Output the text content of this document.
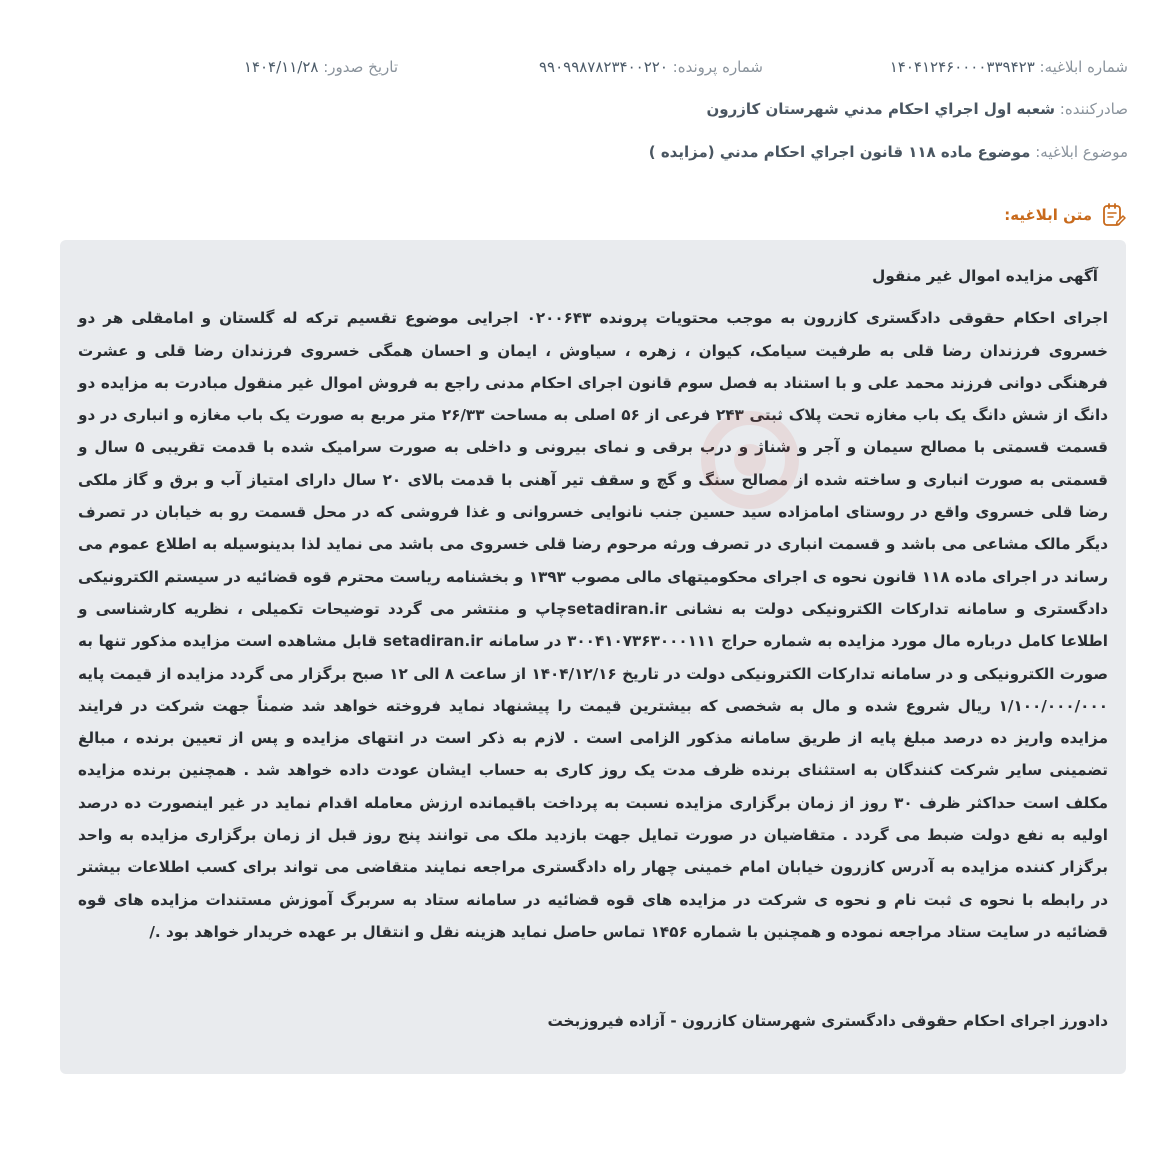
شماره ابلاغیه: ۱۴۰۴۱۲۴۶۰۰۰۰۳۳۹۴۲۳
شماره پرونده: ۹۹۰۹۹۸۷۸۲۳۴۰۰۲۲۰
تاریخ صدور: ۱۴۰۴/۱۱/۲۸
صادرکننده: شعبه اول اجراي احکام مدني شهرستان کازرون
موضوع ابلاغیه: موضوع ماده ۱۱۸ قانون اجراي احکام مدني (مزايده )
متن ابلاغیه:
آگهی مزایده اموال غیر منقول

اجرای احکام حقوقی دادگستری کازرون به موجب محتویات پرونده ۰۲۰۰۶۴۳ اجرایی موضوع تقسیم ترکه له گلستان و امامقلی هر دو خسروی فرزندان رضا قلی به طرفیت سیامک، کیوان ، زهره ، سیاوش ، ایمان و احسان همگی خسروی فرزندان رضا قلی و عشرت فرهنگی دوانی فرزند محمد علی و با استناد به فصل سوم قانون اجرای احکام مدنی راجع به فروش اموال غیر منقول مبادرت به مزایده دو دانگ از شش دانگ یک باب مغازه تحت پلاک ثبتی ۲۴۳ فرعی از ۵۶ اصلی به مساحت ۲۶/۳۳ متر مربع به صورت یک باب مغازه و انباری در دو قسمت قسمتی با مصالح سیمان و آجر و شناژ و درب برقی و نمای بیرونی و داخلی به صورت سرامیک شده با قدمت تقریبی ۵ سال و قسمتی به صورت انباری و ساخته شده از مصالح سنگ و گچ و سقف تیر آهنی با قدمت بالای ۲۰ سال دارای امتیاز آب و برق و گاز ملکی رضا قلی خسروی واقع در روستای امامزاده سید حسین جنب نانوایی خسروانی و غذا فروشی که در محل قسمت رو به خیابان در تصرف دیگر مالک مشاعی می باشد و قسمت انباری در تصرف ورثه مرحوم رضا قلی خسروی می باشد می نماید لذا بدینوسیله به اطلاع عموم می رساند در اجرای ماده ۱۱۸ قانون نحوه ی اجرای محکومیتهای مالی مصوب ۱۳۹۳ و بخشنامه ریاست محترم قوه قضائیه در سیستم الکترونیکی دادگستری و سامانه تدارکات الکترونیکی دولت به نشانی setadiran.irچاپ و منتشر می گردد توضیحات تکمیلی ، نظریه کارشناسی و اطلاعا کامل درباره مال مورد مزایده به شماره حراج ۳۰۰۴۱۰۷۳۶۳۰۰۰۱۱۱ در سامانه setadiran.ir قابل مشاهده است مزایده مذکور تنها به صورت الکترونیکی و در سامانه تدارکات الکترونیکی دولت در تاریخ ۱۴۰۴/۱۲/۱۶ از ساعت ۸ الی ۱۲ صبح برگزار می گردد مزایده از قیمت پایه ۱/۱۰۰/۰۰۰/۰۰۰ ریال شروع شده و مال به شخصی که بیشترین قیمت را پیشنهاد نماید فروخته خواهد شد ضمناً جهت شرکت در فرایند مزایده واریز ده درصد مبلغ پایه از طریق سامانه مذکور الزامی است . لازم به ذکر است در انتهای مزایده و پس از تعیین برنده ، مبالغ تضمینی سایر شرکت کنندگان به استثنای برنده ظرف مدت یک روز کاری به حساب ایشان عودت داده خواهد شد . همچنین برنده مزایده مکلف است حداکثر ظرف ۳۰ روز از زمان برگزاری مزایده نسبت به پرداخت باقیمانده ارزش معامله اقدام نماید در غیر اینصورت ده درصد اولیه به نفع دولت ضبط می گردد . متقاضیان در صورت تمایل جهت بازدید ملک می توانند پنج روز قبل از زمان برگزاری مزایده به واحد برگزار کننده مزایده به آدرس کازرون خیابان امام خمینی چهار راه دادگستری مراجعه نمایند متقاضی می تواند برای کسب اطلاعات بیشتر در رابطه با نحوه ی ثبت نام و نحوه ی شرکت در مزایده های قوه قضائیه در سامانه ستاد به سربرگ آموزش مستندات مزایده های قوه قضائیه در سایت ستاد مراجعه نموده و همچنین با شماره ۱۴۵۶ تماس حاصل نماید هزینه نقل و انتقال بر عهده خریدار خواهد بود ./

دادورز اجرای احکام حقوقی دادگستری شهرستان کازرون - آزاده فیروزبخت
